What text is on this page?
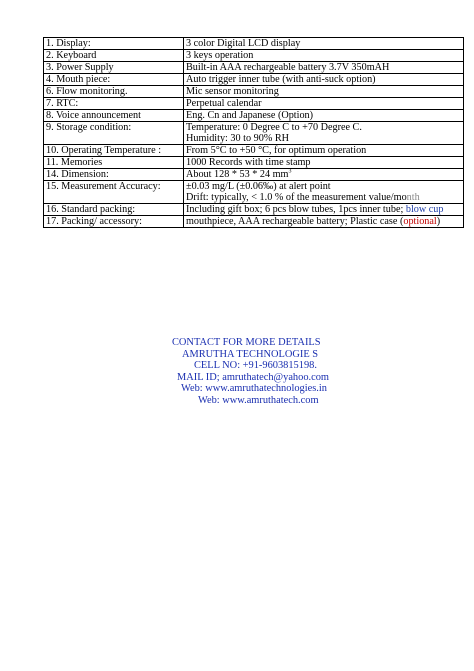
1. Display:	3 color Digital LCD display
2. Keyboard	3 keys operation
3. Power Supply	Built-in AAA rechargeable battery 3.7V 350mAH
4. Mouth piece:	Auto trigger inner tube (with anti-suck option)
6. Flow monitoring.	Mic sensor monitoring
7. RTC:	Perpetual calendar
8. Voice announcement	Eng. Cn and Japanese (Option)
9. Storage condition:	Temperature: 0 Degree C to +70 Degree C.
Humidity: 30 to 90% RH

10. Operating Temperature :	From 5°C to +50 °C, for optimum operation
11. Memories	1000 Records with time stamp
14. Dimension:	About 128 * 53 * 24 $mm^3$
15. Measurement Accuracy:	±0.03 mg/L (±0.06‰) at alert point
Drift: typically, < 1.0 % of the measurement value/month

16. Standard packing:	Including gift box; 6 pcs blow tubes, 1pcs inner tube; blow cup
17. Packing/ accessory:	mouthpiece, AAA rechargeable battery; Plastic case (optional)
CONTACT FOR MORE DETAILS
AMRUTHA TECHNOLOGIE S
CELL NO: +91-9603815198.
MAIL ID; amruthatech@yahoo.com
Web: www.amruthatechnologies.in
Web: www.amruthatech.com
